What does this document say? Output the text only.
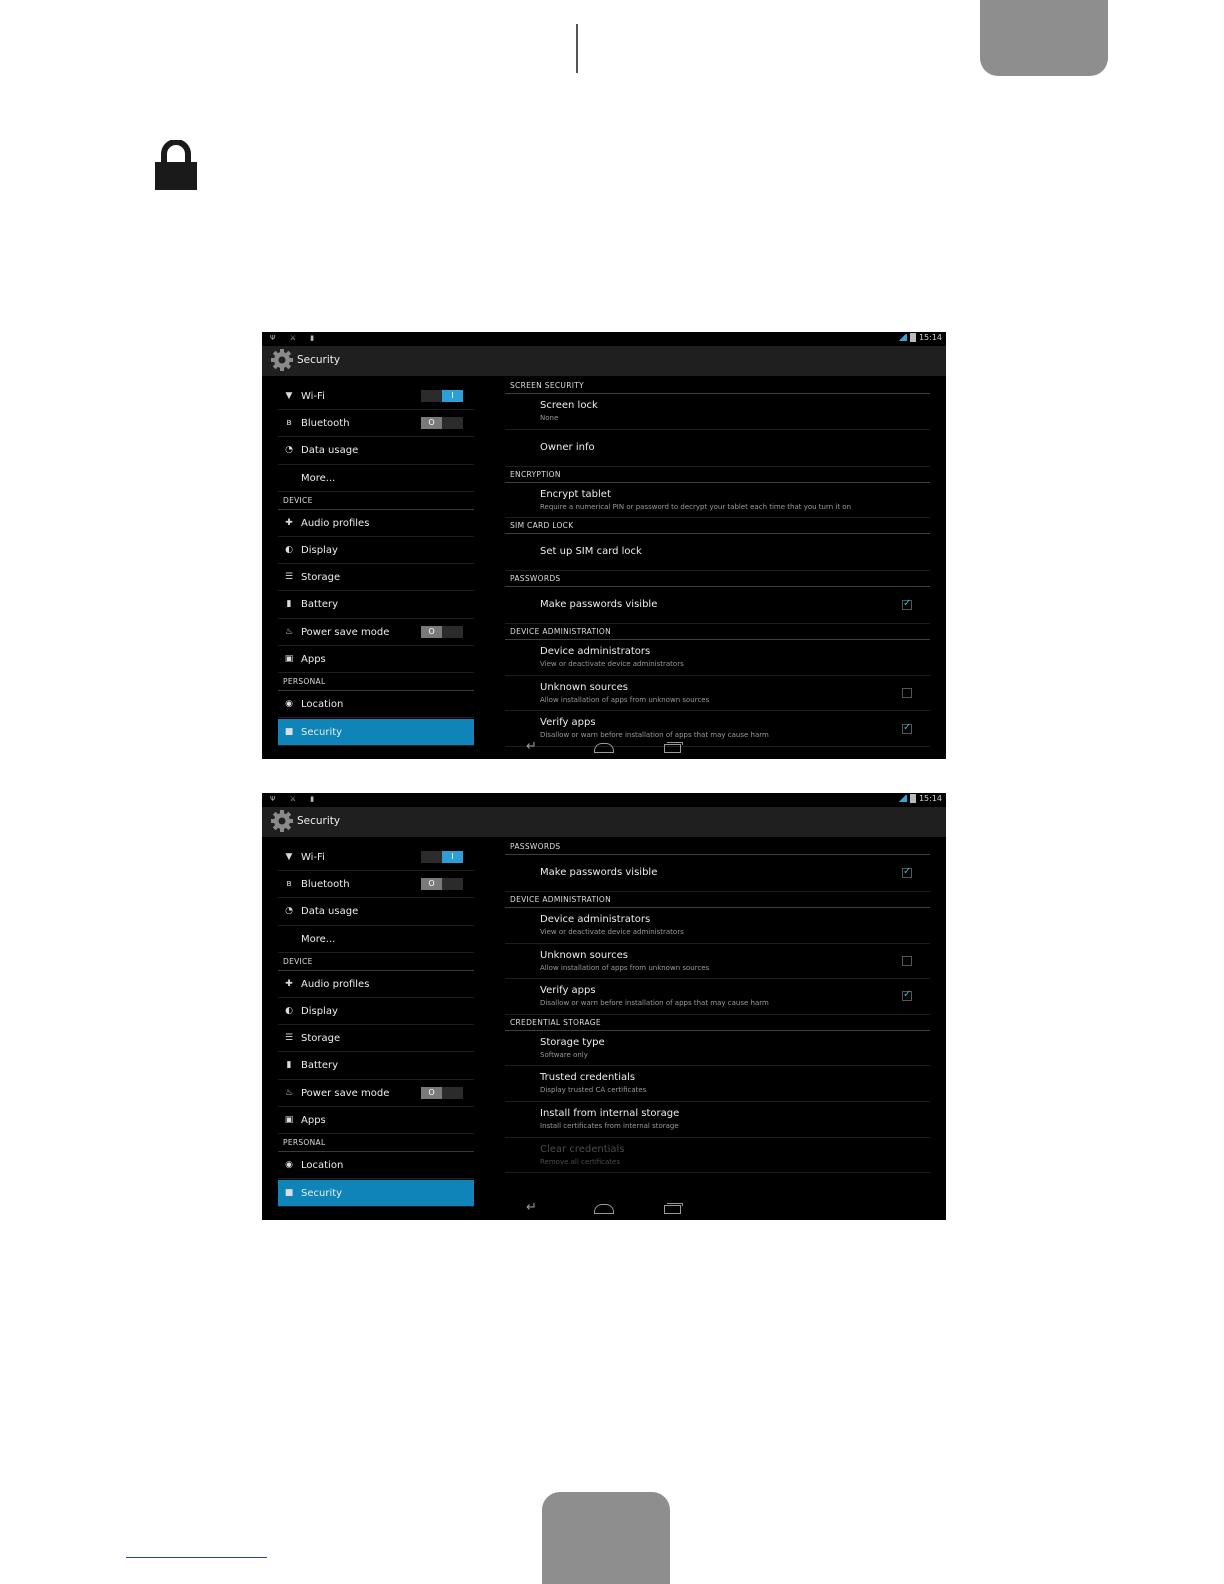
Ψ ⚔ ▮	15:14
Security
▼ Wi-Fi	I
ʙ Bluetooth	O
◔ Data usage
More...
DEVICE
✚ Audio profiles
◐ Display
☰ Storage
▮ Battery
♨ Power save mode	O
▣ Apps
PERSONAL
◉ Location
■ Security
SCREEN SECURITY
Screen lock
None
Owner info
ENCRYPTION
Encrypt tablet
Require a numerical PIN or password to decrypt your tablet each time that you turn it on
SIM CARD LOCK
Set up SIM card lock
PASSWORDS
Make passwords visible
✓
DEVICE ADMINISTRATION
Device administrators
View or deactivate device administrators
Unknown sources
Allow installation of apps from unknown sources
Verify apps
Disallow or warn before installation of apps that may cause harm
✓
↵
Ψ ⚔ ▮	15:14
Security
▼ Wi-Fi	I
ʙ Bluetooth	O
◔ Data usage
More...
DEVICE
✚ Audio profiles
◐ Display
☰ Storage
▮ Battery
♨ Power save mode	O
▣ Apps
PERSONAL
◉ Location
■ Security
PASSWORDS
Make passwords visible
✓
DEVICE ADMINISTRATION
Device administrators
View or deactivate device administrators
Unknown sources
Allow installation of apps from unknown sources
Verify apps
Disallow or warn before installation of apps that may cause harm
✓
CREDENTIAL STORAGE
Storage type
Software only
Trusted credentials
Display trusted CA certificates
Install from internal storage
Install certificates from internal storage
Clear credentials
Remove all certificates
↵
